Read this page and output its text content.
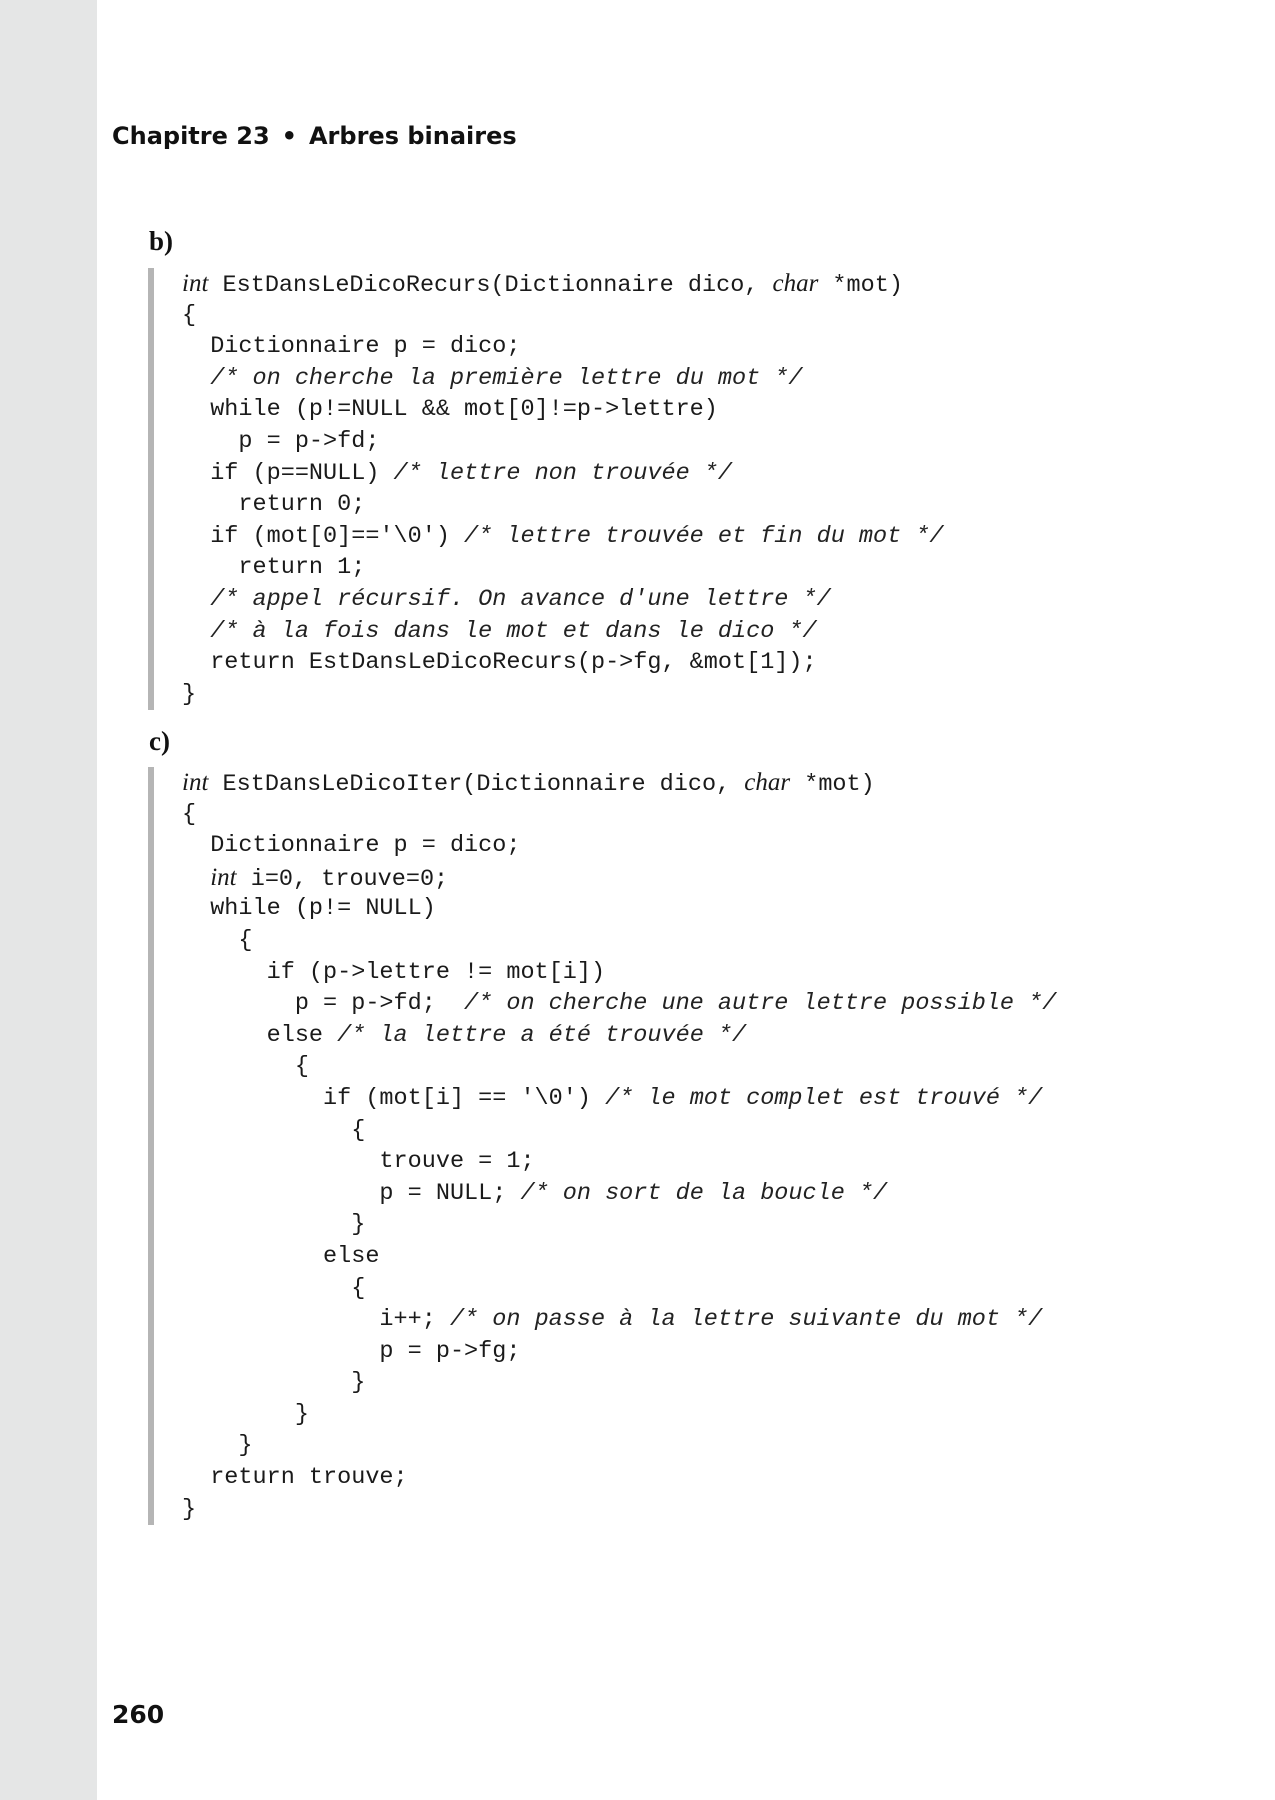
Chapitre 23 • Arbres binaires
b)
int EstDansLeDicoRecurs(Dictionnaire dico, char *mot)
{
Dictionnaire p = dico;
/* on cherche la première lettre du mot */
while (p!=NULL && mot[0]!=p->lettre)
p = p->fd;
if (p==NULL) /* lettre non trouvée */
return 0;
if (mot[0]=='\0') /* lettre trouvée et fin du mot */
return 1;
/* appel récursif. On avance d'une lettre */
/* à la fois dans le mot et dans le dico */
return EstDansLeDicoRecurs(p->fg, &mot[1]);
}
c)
int EstDansLeDicoIter(Dictionnaire dico, char *mot)
{
Dictionnaire p = dico;
int i=0, trouve=0;
while (p!= NULL)
{
if (p->lettre != mot[i])
p = p->fd;  /* on cherche une autre lettre possible */
else /* la lettre a été trouvée */
{
if (mot[i] == '\0') /* le mot complet est trouvé */
{
trouve = 1;
p = NULL; /* on sort de la boucle */
}
else
{
i++; /* on passe à la lettre suivante du mot */
p = p->fg;
}
}
}
return trouve;
}
260
